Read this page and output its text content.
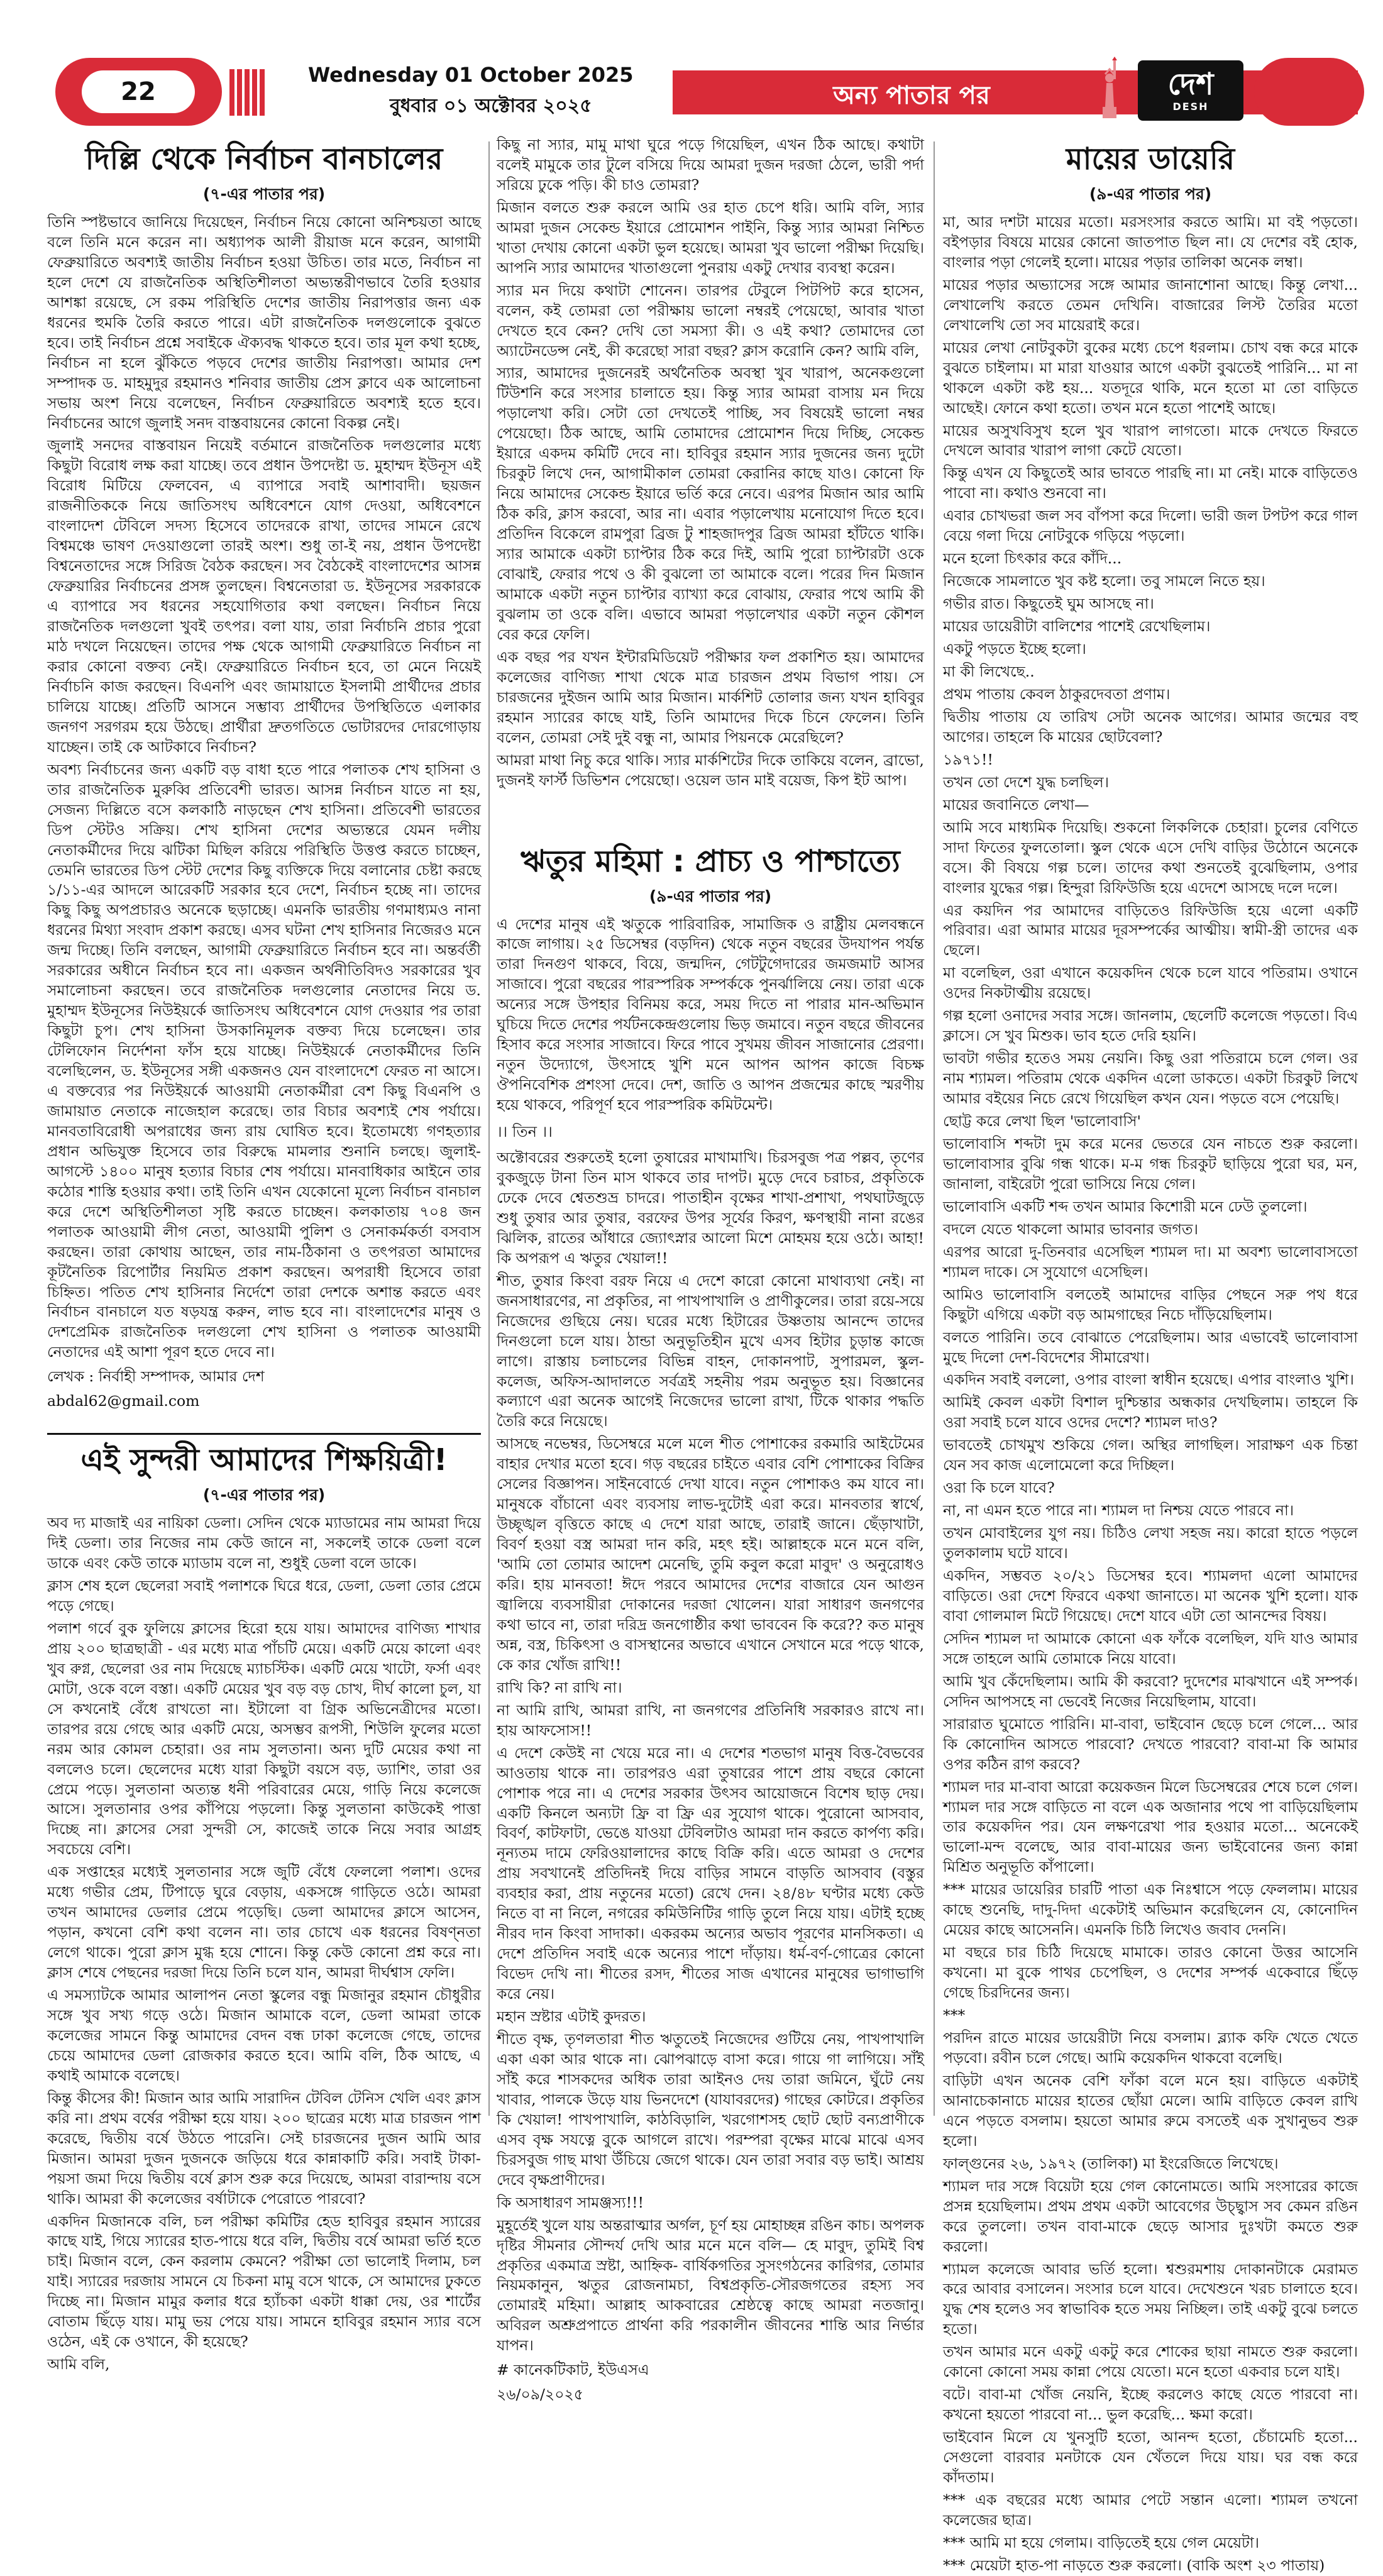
22
Wednesday 01 October 2025
বুধবার ০১ অক্টোবর ২০২৫	অন্য পাতার পর	দেশ
DESH
দিল্লি থেকে নির্বাচন বানচালের
(৭-এর পাতার পর)

তিনি স্পষ্টভাবে জানিয়ে দিয়েছেন, নির্বাচন নিয়ে কোনো অনিশ্চয়তা আছে বলে তিনি মনে করেন না। অধ্যাপক আলী রীয়াজ মনে করেন, আগামী ফেব্রুয়ারিতে অবশ্যই জাতীয় নির্বাচন হওয়া উচিত। তার মতে, নির্বাচন না হলে দেশে যে রাজনৈতিক অস্থিতিশীলতা অভ্যন্তরীণভাবে তৈরি হওয়ার আশঙ্কা রয়েছে, সে রকম পরিস্থিতি দেশের জাতীয় নিরাপত্তার জন্য এক ধরনের হুমকি তৈরি করতে পারে। এটা রাজনৈতিক দলগুলোকে বুঝতে হবে। তাই নির্বাচন প্রশ্নে সবাইকে ঐক্যবদ্ধ থাকতে হবে। তার মূল কথা হচ্ছে, নির্বাচন না হলে ঝুঁকিতে পড়বে দেশের জাতীয় নিরাপত্তা। আমার দেশ সম্পাদক ড. মাহমুদুর রহমানও শনিবার জাতীয় প্রেস ক্লাবে এক আলোচনা সভায় অংশ নিয়ে বলেছেন, নির্বাচন ফেব্রুয়ারিতে অবশ্যই হতে হবে। নির্বাচনের আগে জুলাই সনদ বাস্তবায়নের কোনো বিকল্প নেই।

জুলাই সনদের বাস্তবায়ন নিয়েই বর্তমানে রাজনৈতিক দলগুলোর মধ্যে কিছুটা বিরোধ লক্ষ করা যাচ্ছে। তবে প্রধান উপদেষ্টা ড. মুহাম্মদ ইউনূস এই বিরোধ মিটিয়ে ফেলবেন, এ ব্যাপারে সবাই আশাবাদী। ছয়জন রাজনীতিককে নিয়ে জাতিসংঘ অধিবেশনে যোগ দেওয়া, অধিবেশনে বাংলাদেশ টেবিলে সদস্য হিসেবে তাদেরকে রাখা, তাদের সামনে রেখে বিশ্বমঞ্চে ভাষণ দেওয়াগুলো তারই অংশ। শুধু তা-ই নয়, প্রধান উপদেষ্টা বিশ্বনেতাদের সঙ্গে সিরিজ বৈঠক করছেন। সব বৈঠকেই বাংলাদেশের আসন্ন ফেব্রুয়ারির নির্বাচনের প্রসঙ্গ তুলছেন। বিশ্বনেতারা ড. ইউনূসের সরকারকে এ ব্যাপারে সব ধরনের সহযোগিতার কথা বলছেন। নির্বাচন নিয়ে রাজনৈতিক দলগুলো খুবই তৎপর। বলা যায়, তারা নির্বাচনি প্রচার পুরো মাঠ দখলে নিয়েছেন। তাদের পক্ষ থেকে আগামী ফেব্রুয়ারিতে নির্বাচন না করার কোনো বক্তব্য নেই। ফেব্রুয়ারিতে নির্বাচন হবে, তা মেনে নিয়েই নির্বাচনি কাজ করছেন। বিএনপি এবং জামায়াতে ইসলামী প্রার্থীদের প্রচার চালিয়ে যাচ্ছে। প্রতিটি আসনে সম্ভাব্য প্রার্থীদের উপস্থিতিতে এলাকার জনগণ সরগরম হয়ে উঠছে। প্রার্থীরা দ্রুতগতিতে ভোটারদের দোরগোড়ায় যাচ্ছেন। তাই কে আটকাবে নির্বাচন?

অবশ্য নির্বাচনের জন্য একটি বড় বাধা হতে পারে পলাতক শেখ হাসিনা ও তার রাজনৈতিক মুরুব্বি প্রতিবেশী ভারত। আসন্ন নির্বাচন যাতে না হয়, সেজন্য দিল্লিতে বসে কলকাঠি নাড়ছেন শেখ হাসিনা। প্রতিবেশী ভারতের ডিপ স্টেটও সক্রিয়। শেখ হাসিনা দেশের অভ্যন্তরে যেমন দলীয় নেতাকর্মীদের দিয়ে ঝটিকা মিছিল করিয়ে পরিস্থিতি উত্তপ্ত করতে চাচ্ছেন, তেমনি ভারতের ডিপ স্টেট দেশের কিছু ব্যক্তিকে দিয়ে বলানোর চেষ্টা করছে ১/১১-এর আদলে আরেকটি সরকার হবে দেশে, নির্বাচন হচ্ছে না। তাদের কিছু কিছু অপপ্রচারও অনেকে ছড়াচ্ছে। এমনকি ভারতীয় গণমাধ্যমও নানা ধরনের মিথ্যা সংবাদ প্রকাশ করছে। এসব ঘটনা শেখ হাসিনার নিজেরও মনে জন্ম দিচ্ছে। তিনি বলছেন, আগামী ফেব্রুয়ারিতে নির্বাচন হবে না। অন্তর্বর্তী সরকারের অধীনে নির্বাচন হবে না। একজন অর্থনীতিবিদও সরকারের খুব সমালোচনা করছেন। তবে রাজনৈতিক দলগুলোর নেতাদের নিয়ে ড. মুহাম্মদ ইউনূসের নিউইয়র্কে জাতিসংঘ অধিবেশনে যোগ দেওয়ার পর তারা কিছুটা চুপ। শেখ হাসিনা উসকানিমূলক বক্তব্য দিয়ে চলেছেন। তার টেলিফোন নির্দেশনা ফাঁস হয়ে যাচ্ছে। নিউইয়র্কে নেতাকর্মীদের তিনি বলেছিলেন, ড. ইউনূসের সঙ্গী একজনও যেন বাংলাদেশে ফেরত না আসে। এ বক্তব্যের পর নিউইয়র্কে আওয়ামী নেতাকর্মীরা বেশ কিছু বিএনপি ও জামায়াত নেতাকে নাজেহাল করেছে। তার বিচার অবশ্যই শেষ পর্যায়ে। মানবতাবিরোধী অপরাধের জন্য রায় ঘোষিত হবে। ইতোমধ্যে গণহত্যার প্রধান অভিযুক্ত হিসেবে তার বিরুদ্ধে মামলার শুনানি চলছে। জুলাই-আগস্টে ১৪০০ মানুষ হত্যার বিচার শেষ পর্যায়ে। মানবাধিকার আইনে তার কঠোর শাস্তি হওয়ার কথা। তাই তিনি এখন যেকোনো মূল্যে নির্বাচন বানচাল করে দেশে অস্থিতিশীলতা সৃষ্টি করতে চাচ্ছেন। কলকাতায় ৭০৪ জন পলাতক আওয়ামী লীগ নেতা, আওয়ামী পুলিশ ও সেনাকর্মকর্তা বসবাস করছেন। তারা কোথায় আছেন, তার নাম-ঠিকানা ও তৎপরতা আমাদের কূটনৈতিক রিপোর্টার নিয়মিত প্রকাশ করছেন। অপরাধী হিসেবে তারা চিহ্নিত। পতিত শেখ হাসিনার নির্দেশে তারা দেশকে অশান্ত করতে এবং নির্বাচন বানচালে যত ষড়যন্ত্র করুন, লাভ হবে না। বাংলাদেশের মানুষ ও দেশপ্রেমিক রাজনৈতিক দলগুলো শেখ হাসিনা ও পলাতক আওয়ামী নেতাদের এই আশা পূরণ হতে দেবে না।

লেখক : নির্বাহী সম্পাদক, আমার দেশ
abdal62@gmail.com
এই সুন্দরী আমাদের শিক্ষয়িত্রী!
(৭-এর পাতার পর)

অব দ্য মাজাই এর নায়িকা ডেলা। সেদিন থেকে ম্যাডামের নাম আমরা দিয়ে দিই ডেলা। তার নিজের নাম কেউ জানে না, সকলেই তাকে ডেলা বলে ডাকে এবং কেউ তাকে ম্যাডাম বলে না, শুধুই ডেলা বলে ডাকে।

ক্লাস শেষ হলে ছেলেরা সবাই পলাশকে ঘিরে ধরে, ডেলা, ডেলা তোর প্রেমে পড়ে গেছে।

পলাশ গর্বে বুক ফুলিয়ে ক্লাসের হিরো হয়ে যায়। আমাদের বাণিজ্য শাখার প্রায় ২০০ ছাত্রছাত্রী - এর মধ্যে মাত্র পাঁচটি মেয়ে। একটি মেয়ে কালো এবং খুব রুগ্ন, ছেলেরা ওর নাম দিয়েছে ম্যাচস্টিক। একটি মেয়ে খাটো, ফর্সা এবং মোটা, ওকে বলে বস্তা। একটি মেয়ের খুব বড় বড় চোখ, দীর্ঘ কালো চুল, যা সে কখনোই বেঁধে রাখতো না। ইটালো বা গ্রিক অভিনেত্রীদের মতো। তারপর রয়ে গেছে আর একটি মেয়ে, অসম্ভব রূপসী, শিউলি ফুলের মতো নরম আর কোমল চেহারা। ওর নাম সুলতানা। অন্য দুটি মেয়ের কথা না বললেও চলে। ছেলেদের মধ্যে যারা কিছুটা বয়সে বড়, ড্যাশিং, তারা ওর প্রেমে পড়ে। সুলতানা অত্যন্ত ধনী পরিবারের মেয়ে, গাড়ি নিয়ে কলেজে আসে। সুলতানার ওপর কাঁপিয়ে পড়লো। কিন্তু সুলতানা কাউকেই পাত্তা দিচ্ছে না। ক্লাসের সেরা সুন্দরী সে, কাজেই তাকে নিয়ে সবার আগ্রহ সবচেয়ে বেশি।

এক সপ্তাহের মধ্যেই সুলতানার সঙ্গে জুটি বেঁধে ফেললো পলাশ। ওদের মধ্যে গভীর প্রেম, টিপাড়ে ঘুরে বেড়ায়, একসঙ্গে গাড়িতে ওঠে। আমরা তখন আমাদের ডেলার প্রেমে পড়েছি। ডেলা আমাদের ক্লাসে আসেন, পড়ান, কখনো বেশি কথা বলেন না। তার চোখে এক ধরনের বিষণ্নতা লেগে থাকে। পুরো ক্লাস মুগ্ধ হয়ে শোনে। কিন্তু কেউ কোনো প্রশ্ন করে না। ক্লাস শেষে পেছনের দরজা দিয়ে তিনি চলে যান, আমরা দীর্ঘশ্বাস ফেলি।

এ সমস্যাটকে আমার আলাপন নেতা স্কুলের বন্ধু মিজানুর রহমান চৌধুরীর সঙ্গে খুব সখ্য গড়ে ওঠে। মিজান আমাকে বলে, ডেলা আমরা তাকে কলেজের সামনে কিন্তু আমাদের বেদন বন্ধ ঢাকা কলেজে গেছে, তাদের চেয়ে আমাদের ডেলা রোজকার করতে হবে। আমি বলি, ঠিক আছে, এ কথাই আমাকে বলেছে।

কিন্তু কীসের কী! মিজান আর আমি সারাদিন টেবিল টেনিস খেলি এবং ক্লাস করি না। প্রথম বর্ষের পরীক্ষা হয়ে যায়। ২০০ ছাত্রের মধ্যে মাত্র চারজন পাশ করেছে, দ্বিতীয় বর্ষে উঠতে পারেনি। সেই চারজনের দুজন আমি আর মিজান। আমরা দুজন দুজনকে জড়িয়ে ধরে কান্নাকাটি করি। সবাই টাকা-পয়সা জমা দিয়ে দ্বিতীয় বর্ষে ক্লাস শুরু করে দিয়েছে, আমরা বারান্দায় বসে থাকি। আমরা কী কলেজের বর্ষাটাকে পেরোতে পারবো?

একদিন মিজানকে বলি, চল পরীক্ষা কমিটির হেড হাবিবুর রহমান স্যারের কাছে যাই, গিয়ে স্যারের হাত-পায়ে ধরে বলি, দ্বিতীয় বর্ষে আমরা ভর্তি হতে চাই। মিজান বলে, কেন করলাম কেমনে? পরীক্ষা তো ভালোই দিলাম, চল যাই। স্যারের দরজায় সামনে যে চিকনা মামু বসে থাকে, সে আমাদের ঢুকতে দিচ্ছে না। মিজান মামুর কলার ধরে হ্যাঁচকা একটা ধাক্কা দেয়, ওর শার্টের বোতাম ছিঁড়ে যায়। মামু ভয় পেয়ে যায়। সামনে হাবিবুর রহমান স্যার বসে ওঠেন, এই কে ওখানে, কী হয়েছে?

আমি বলি,

কিছু না স্যার, মামু মাথা ঘুরে পড়ে গিয়েছিল, এখন ঠিক আছে। কথাটা বলেই মামুকে তার টুলে বসিয়ে দিয়ে আমরা দুজন দরজা ঠেলে, ভারী পর্দা সরিয়ে ঢুকে পড়ি। কী চাও তোমরা?

মিজান বলতে শুরু করলে আমি ওর হাত চেপে ধরি। আমি বলি, স্যার আমরা দুজন সেকেন্ড ইয়ারে প্রোমোশন পাইনি, কিন্তু স্যার আমরা নিশ্চিত খাতা দেখায় কোনো একটা ভুল হয়েছে। আমরা খুব ভালো পরীক্ষা দিয়েছি। আপনি স্যার আমাদের খাতাগুলো পুনরায় একটু দেখার ব্যবস্থা করেন।

স্যার মন দিয়ে কথাটা শোনেন। তারপর টেবুলে পিটপিট করে হাসেন, বলেন, কই তোমরা তো পরীক্ষায় ভালো নম্বরই পেয়েছো, আবার খাতা দেখতে হবে কেন? দেখি তো সমস্যা কী। ও এই কথা? তোমাদের তো অ্যাটেনডেন্স নেই, কী করেছো সারা বছর? ক্লাস করোনি কেন? আমি বলি,

স্যার, আমাদের দুজনেরই অর্থনৈতিক অবস্থা খুব খারাপ, অনেকগুলো টিউশনি করে সংসার চালাতে হয়। কিন্তু স্যার আমরা বাসায় মন দিয়ে পড়ালেখা করি। সেটা তো দেখতেই পাচ্ছি, সব বিষয়েই ভালো নম্বর পেয়েছো। ঠিক আছে, আমি তোমাদের প্রোমোশন দিয়ে দিচ্ছি, সেকেন্ড ইয়ারে একদম কমিটি দেবে না। হাবিবুর রহমান স্যার দুজনের জন্য দুটো চিরকুট লিখে দেন, আগামীকাল তোমরা কেরানির কাছে যাও। কোনো ফি নিয়ে আমাদের সেকেন্ড ইয়ারে ভর্তি করে নেবে। এরপর মিজান আর আমি ঠিক করি, ক্লাস করবো, আর না। এবার পড়ালেখায় মনোযোগ দিতে হবে। প্রতিদিন বিকেলে রামপুরা ব্রিজ টু শাহজাদপুর ব্রিজ আমরা হাঁটতে থাকি। স্যার আমাকে একটা চ্যাপ্টার ঠিক করে দিই, আমি পুরো চ্যাপ্টারটা ওকে বোঝাই, ফেরার পথে ও কী বুঝলো তা আমাকে বলে। পরের দিন মিজান আমাকে একটা নতুন চ্যাপ্টার ব্যাখ্যা করে বোঝায়, ফেরার পথে আমি কী বুঝলাম তা ওকে বলি। এভাবে আমরা পড়ালেখার একটা নতুন কৌশল বের করে ফেলি।

এক বছর পর যখন ইন্টারমিডিয়েট পরীক্ষার ফল প্রকাশিত হয়। আমাদের কলেজের বাণিজ্য শাখা থেকে মাত্র চারজন প্রথম বিভাগ পায়। সে চারজনের দুইজন আমি আর মিজান। মার্কশিট তোলার জন্য যখন হাবিবুর রহমান স্যারের কাছে যাই, তিনি আমাদের দিকে চিনে ফেলেন। তিনি বলেন, তোমরা সেই দুই বন্ধু না, আমার পিয়নকে মেরেছিলে?

আমরা মাথা নিচু করে থাকি। স্যার মার্কশিটের দিকে তাকিয়ে বলেন, ব্রাভো, দুজনই ফার্স্ট ডিভিশন পেয়েছো। ওয়েল ডান মাই বয়েজ, কিপ ইট আপ।

ঋতুর মহিমা : প্রাচ্য ও পাশ্চাত্যে
(৯-এর পাতার পর)

এ দেশের মানুষ এই ঋতুকে পারিবারিক, সামাজিক ও রাষ্ট্রীয় মেলবন্ধনে কাজে লাগায়। ২৫ ডিসেম্বর (বড়দিন) থেকে নতুন বছরের উদযাপন পর্যন্ত তারা দিনগুণ থাকবে, বিয়ে, জন্মদিন, গেটটুগেদারের জমজমাট আসর সাজাবে। পুরো বছরের পারস্পরিক সম্পর্ককে পুনর্ঝালিয়ে নেয়। তারা একে অন্যের সঙ্গে উপহার বিনিময় করে, সময় দিতে না পারার মান-অভিমান ঘুচিয়ে দিতে দেশের পর্যটনকেন্দ্রগুলোয় ভিড় জমাবে। নতুন বছরে জীবনের হিসাব করে সংসার সাজাবে। ফিরে পাবে সুখময় জীবন সাজানোর প্রেরণা। নতুন উদ্যোগে, উৎসাহে খুশি মনে আপন আপন কাজে বিচক্ষ ঔপনিবেশিক প্রশংসা দেবে। দেশ, জাতি ও আপন প্রজন্মের কাছে স্মরণীয় হয়ে থাকবে, পরিপূর্ণ হবে পারস্পরিক কমিটমেন্ট।

।। তিন ।।

অক্টোবরের শুরুতেই হলো তুষারের মাখামাখি। চিরসবুজ পত্র পল্লব, তৃণের বুকজুড়ে টানা তিন মাস থাকবে তার দাপট। মুড়ে দেবে চরাচর, প্রকৃতিকে ঢেকে দেবে শ্বেতশুভ্র চাদরে। পাতাহীন বৃক্ষের শাখা-প্রশাখা, পথঘাটজুড়ে শুধু তুষার আর তুষার, বরফের উপর সূর্যের কিরণ, ক্ষণস্থায়ী নানা রঙের ঝিলিক, রাতের আঁধারে জ্যোৎস্নার আলো মিশে মোহময় হয়ে ওঠে। আহা! কি অপরূপ এ ঋতুর খেয়াল!!

শীত, তুষার কিংবা বরফ নিয়ে এ দেশে কারো কোনো মাথাব্যথা নেই। না জনসাধারণের, না প্রকৃতির, না পাখপাখালি ও প্রাণীকুলের। তারা রয়ে-সয়ে নিজেদের গুছিয়ে নেয়। ঘরের মধ্যে হিটারের উষ্ণতায় আনন্দে তাদের দিনগুলো চলে যায়। ঠান্ডা অনুভূতিহীন মুখে এসব হিটার চুড়ান্ত কাজে লাগে। রাস্তায় চলাচলের বিভিন্ন বাহন, দোকানপাট, সুপারমল, স্কুল-কলেজ, অফিস-আদালতে সর্বত্রই সহনীয় পরম অনুভূত হয়। বিজ্ঞানের কল্যাণে এরা অনেক আগেই নিজেদের ভালো রাখা, টিকে থাকার পদ্ধতি তৈরি করে নিয়েছে।

আসছে নভেম্বর, ডিসেম্বরে মলে মলে শীত পোশাকের রকমারি আইটেমের বাহার দেখার মতো হবে। গড় বছরের চাইতে এবার বেশি পোশাকের বিক্রির সেলের বিজ্ঞাপন। সাইনবোর্ডে দেখা যাবে। নতুন পোশাকও কম যাবে না। মানুষকে বাঁচানো এবং ব্যবসায় লাভ-দুটোই এরা করে। মানবতার স্বার্থে, উচ্ছৃঙ্খল বৃত্তিতে কাছে এ দেশে যারা আছে, তারাই জানে। ছেঁড়াখাটা, বিবর্ণ হওয়া বস্ত্র আমরা দান করি, মহৎ হই। আল্লাহকে মনে মনে বলি, 'আমি তো তোমার আদেশ মেনেছি, তুমি কবুল করো মাবুদ' ও অনুরোধও করি। হায় মানবতা! ঈদে পরবে আমাদের দেশের বাজারে যেন আগুন জ্বালিয়ে ব্যবসায়ীরা দোকানের দরজা খোলেন। যারা সাধারণ জনগণের কথা ভাবে না, তারা দরিদ্র জনগোষ্ঠীর কথা ভাববেন কি করে?? কত মানুষ অন্ন, বস্ত্র, চিকিৎসা ও বাসস্থানের অভাবে এখানে সেখানে মরে পড়ে থাকে, কে কার খোঁজ রাখি!!

রাখি কি? না রাখি না।

না আমি রাখি, আমরা রাখি, না জনগণের প্রতিনিধি সরকারও রাখে না। হায় আফসোস!!

এ দেশে কেউই না খেয়ে মরে না। এ দেশের শতভাগ মানুষ বিত্ত-বৈভবের আওতায় থাকে না। তারপরও এরা তুষারের পাশে প্রায় বছরে কোনো পোশাক পরে না। এ দেশের সরকার উৎসব আয়োজনে বিশেষ ছাড় দেয়। একটি কিনলে অন্যটা ফ্রি বা ফ্রি এর সুযোগ থাকে। পুরোনো আসবাব, বিবর্ণ, কাটফাটা, ভেঙে যাওয়া টেবিলটাও আমরা দান করতে কার্পণ্য করি। নূন্যতম দামে ফেরিওয়ালাদের কাছে বিক্রি করি। এতে আমরা ও দেশের প্রায় সবখানেই প্রতিদিনই দিয়ে বাড়ির সামনে বাড়তি আসবাব (বস্তুর ব্যবহার করা, প্রায় নতুনের মতো) রেখে দেন। ২৪/৪৮ ঘণ্টার মধ্যে কেউ নিতে বা না নিলে, নগরের কমিউনিটির গাড়ি তুলে নিয়ে যায়। এটাই হচ্ছে নীরব দান কিংবা সাদাকা। একরকম অন্যের অভাব পূরণের মানসিকতা। এ দেশে প্রতিদিন সবাই একে অন্যের পাশে দাঁড়ায়। ধর্ম-বর্ণ-গোত্রের কোনো বিভেদ দেখি না। শীতের রসদ, শীতের সাজ এখানের মানুষের ভাগাভাগি করে নেয়।

মহান স্রষ্টার এটাই কুদরত।

শীতে বৃক্ষ, তৃণলতারা শীত ঋতুতেই নিজেদের গুটিয়ে নেয়, পাখপাখালি একা একা আর থাকে না। ঝোপঝাড়ে বাসা করে। গায়ে গা লাগিয়ে। সাঁই সাঁই করে শাসকদের অধিক তারা আইনও দেয় তারা জমিনে, ঘুঁটে নেয় খাবার, পালকে উড়ে যায় ভিনদেশে (যাযাবরদের) গাছের কোটরে। প্রকৃতির কি খেয়াল! পাখপাখালি, কাঠবিড়ালি, খরগোশসহ ছোট ছোট বন্যপ্রাণীকে এসব বৃক্ষ সযত্নে বুকে আগলে রাখে। পরম্পরা বৃক্ষের মাঝে মাঝে এসব চিরসবুজ গাছ মাথা উঁচিয়ে জেগে থাকে। যেন তারা সবার বড় ভাই। আশ্রয় দেবে বৃক্ষপ্রাণীদের।

কি অসাধারণ সামঞ্জস্য!!!

মুহূর্তেই খুলে যায় অন্তরাত্মার অর্গল, চূর্ণ হয় মোহাচ্ছন্ন রঙিন কাচ। অপলক দৃষ্টির সীমনার সৌন্দর্য দেখি আর মনে মনে বলি— হে মাবুদ, তুমিই বিশ্ব প্রকৃতির একমাত্র স্রষ্টা, আহ্নিক- বার্ষিকগতির সুসংগঠনের কারিগর, তোমার নিয়মকানুন, ঋতুর রোজনামচা, বিশ্বপ্রকৃতি-সৌরজগতের রহস্য সব তোমারই মহিমা। আল্লাহ আকবারের শ্রেষ্ঠত্বে কাছে আমরা নতজানু। অবিরল অশ্রুপ্রপাতে প্রার্থনা করি পরকালীন জীবনের শান্তি আর নির্ভার যাপন।

# কানেকটিকাট, ইউএসএ
২৬/০৯/২০২৫
মায়ের ডায়েরি
(৯-এর পাতার পর)

মা, আর দশটা মায়ের মতো। মরসংসার করতে আমি। মা বই পড়তো। বইপড়ার বিষয়ে মায়ের কোনো জাতপাত ছিল না। যে দেশের বই হোক, বাংলার পড়া গেলেই হলো। মায়ের পড়ার তালিকা অনেক লম্বা।

মায়ের পড়ার অভ্যাসের সঙ্গে আমার জানাশোনা আছে। কিন্তু লেখা... লেখালেখি করতে তেমন দেখিনি। বাজারের লিস্ট তৈরির মতো লেখালেখি তো সব মায়েরাই করে।

মায়ের লেখা নোটবুকটা বুকের মধ্যে চেপে ধরলাম। চোখ বন্ধ করে মাকে বুঝতে চাইলাম। মা মারা যাওয়ার আগে একটা বুঝতেই পারিনি... মা না থাকলে একটা কষ্ট হয়... যতদূরে থাকি, মনে হতো মা তো বাড়িতে আছেই। ফোনে কথা হতো। তখন মনে হতো পাশেই আছে।

মায়ের অসুখবিসুখ হলে খুব খারাপ লাগতো। মাকে দেখতে ফিরতে দেখলে আবার খারাপ লাগা কেটে যেতো।

কিন্তু এখন যে কিছুতেই আর ভাবতে পারছি না। মা নেই। মাকে বাড়িতেও পাবো না। কথাও শুনবো না।

এবার চোখভরা জল সব বাঁপসা করে দিলো। ভারী জল টপটপ করে গাল বেয়ে গলা দিয়ে নোটবুকে গড়িয়ে পড়লো।

মনে হলো চিৎকার করে কাঁদি...

নিজেকে সামলাতে খুব কষ্ট হলো। তবু সামলে নিতে হয়।

গভীর রাত। কিছুতেই ঘুম আসছে না।

মায়ের ডায়েরীটা বালিশের পাশেই রেখেছিলাম।

একটু পড়তে ইচ্ছে হলো।

মা কী লিখেছে..

প্রথম পাতায় কেবল ঠাকুরদেবতা প্রণাম।

দ্বিতীয় পাতায় যে তারিখ সেটা অনেক আগের। আমার জন্মের বহু আগের। তাহলে কি মায়ের ছোটবেলা?

১৯৭১!!

তখন তো দেশে যুদ্ধ চলছিল।

মায়ের জবানিতে লেখা—

আমি সবে মাধ্যমিক দিয়েছি। শুকনো লিকলিকে চেহারা। চুলের বেণিতে সাদা ফিতের ফুলতোলা। স্কুল থেকে এসে দেখি বাড়ির উঠোনে অনেকে বসে। কী বিষয়ে গল্প চলে। তাদের কথা শুনতেই বুঝেছিলাম, ওপার বাংলার যুদ্ধের গল্প। হিন্দুরা রিফিউজি হয়ে এদেশে আসছে দলে দলে।

এর কয়দিন পর আমাদের বাড়িতেও রিফিউজি হয়ে এলো একটি পরিবার। এরা আমার মায়ের দূরসম্পর্কের আত্মীয়। স্বামী-স্ত্রী তাদের এক ছেলে।

মা বলেছিল, ওরা এখানে কয়েকদিন থেকে চলে যাবে পতিরাম। ওখানে ওদের নিকটাত্মীয় রয়েছে।

গল্প হলো ওনাদের সবার সঙ্গে। জানলাম, ছেলেটি কলেজে পড়তো। বিএ ক্লাসে। সে খুব মিশুক। ভাব হতে দেরি হয়নি।

ভাবটা গভীর হতেও সময় নেয়নি। কিছু ওরা পতিরামে চলে গেল। ওর নাম শ্যামল। পতিরাম থেকে একদিন এলো ডাকতে। একটা চিরকুট লিখে আমার বইয়ের নিচে রেখে গিয়েছিল কখন যেন। পড়তে বসে পেয়েছি।

ছোট্ট করে লেখা ছিল 'ভালোবাসি'

ভালোবাসি শব্দটা দুম করে মনের ভেতরে যেন নাচতে শুরু করলো। ভালোবাসার বুঝি গন্ধ থাকে। ম-ম গন্ধ চিরকুট ছাড়িয়ে পুরো ঘর, মন, জানালা, বাইরেটা পুরো ভাসিয়ে নিয়ে গেল।

ভালোবাসি একটি শব্দ তখন আমার কিশোরী মনে ঢেউ তুললো।

বদলে যেতে থাকলো আমার ভাবনার জগত।

এরপর আরো দু-তিনবার এসেছিল শ্যামল দা। মা অবশ্য ভালোবাসতো শ্যামল দাকে। সে সুযোগে এসেছিল।

আমিও ভালোবাসি বলতেই আমাদের বাড়ির পেছনে সরু পথ ধরে কিছুটা এগিয়ে একটা বড় আমগাছের নিচে দাঁড়িয়েছিলাম।

বলতে পারিনি। তবে বোঝাতে পেরেছিলাম। আর এভাবেই ভালোবাসা মুছে দিলো দেশ-বিদেশের সীমারেখা।

একদিন সবাই বললো, ওপার বাংলা স্বাধীন হয়েছে। এপার বাংলাও খুশি।

আমিই কেবল একটা বিশাল দুশ্চিন্তার অন্ধকার দেখছিলাম। তাহলে কি ওরা সবাই চলে যাবে ওদের দেশে? শ্যামল দাও?

ভাবতেই চোখমুখ শুকিয়ে গেল। অস্থির লাগছিল। সারাক্ষণ এক চিন্তা যেন সব কাজ এলোমেলো করে দিচ্ছিল।

ওরা কি চলে যাবে?

না, না এমন হতে পারে না। শ্যামল দা নিশ্চয় যেতে পারবে না।

তখন মোবাইলের যুগ নয়। চিঠিও লেখা সহজ নয়। কারো হাতে পড়লে তুলকালাম ঘটে যাবে।

একদিন, সম্ভবত ২০/২১ ডিসেম্বর হবে। শ্যামলদা এলো আমাদের বাড়িতে। ওরা দেশে ফিরবে একথা জানাতে। মা অনেক খুশি হলো। যাক বাবা গোলমাল মিটে গিয়েছে। দেশে যাবে এটা তো আনন্দের বিষয়।

সেদিন শ্যামল দা আমাকে কোনো এক ফাঁকে বলেছিল, যদি যাও আমার সঙ্গে তাহলে আমি তোমাকে নিয়ে যাবো।

আমি খুব কেঁদেছিলাম। আমি কী করবো? দুদেশের মাঝখানে এই সম্পর্ক। সেদিন আপসহে না ভেবেই নিজের নিয়েছিলাম, যাবো।

সারারাত ঘুমোতে পারিনি। মা-বাবা, ভাইবোন ছেড়ে চলে গেলে... আর কি কোনোদিন আসতে পারবো? দেখতে পারবো? বাবা-মা কি আমার ওপর কঠিন রাগ করবে?

শ্যামল দার মা-বাবা আরো কয়েকজন মিলে ডিসেম্বরের শেষে চলে গেল। শ্যামল দার সঙ্গে বাড়িতে না বলে এক অজানার পথে পা বাড়িয়েছিলাম তার কয়েকদিন পর। যেন লক্ষণরেখা পার হওয়ার মতো... অনেকেই ভালো-মন্দ বলেছে, আর বাবা-মায়ের জন্য ভাইবোনের জন্য কান্না মিশ্রিত অনুভূতি কাঁপালো।

*** মায়ের ডায়েরির চারটি পাতা এক নিঃশ্বাসে পড়ে ফেললাম। মায়ের কাছে শুনেছি, দাদু-দিদা একেটাই অভিমান করেছিলেন যে, কোনোদিন মেয়ের কাছে আসেননি। এমনকি চিঠি লিখেও জবাব দেননি।

মা বছরে চার চিঠি দিয়েছে মামাকে। তারও কোনো উত্তর আসেনি কখনো। মা বুকে পাথর চেপেছিল, ও দেশের সম্পর্ক একেবারে ছিঁড়ে গেছে চিরদিনের জন্য।

***

পরদিন রাতে মায়ের ডায়েরীটা নিয়ে বসলাম। ব্ল্যাক কফি খেতে খেতে পড়বো। রবীন চলে গেছে। আমি কয়েকদিন থাকবো বলেছি।

বাড়িটা এখন অনেক বেশি ফাঁকা বলে মনে হয়। বাড়িতে একটাই আনাচেকানাচে মায়ের হাতের ছোঁয়া মেলে। আমি বাড়িতে কেবল রাখি এনে পড়তে বসলাম। হয়তো আমার রুমে বসতেই এক সুখানুভব শুরু হলো।

ফাল্গুনের ২৬, ১৯৭২ (তালিকা) মা ইংরেজিতে লিখেছে।

শ্যামল দার সঙ্গে বিয়েটা হয়ে গেল কোনোমতে। আমি সংসারের কাজে প্রসন্ন হয়েছিলাম। প্রথম প্রথম একটা আবেগের উচ্ছ্বাস সব কেমন রঙিন করে তুললো। তখন বাবা-মাকে ছেড়ে আসার দুঃখটা কমতে শুরু করলো।

শ্যামল কলেজে আবার ভর্তি হলো। শ্বশুরমশায় দোকানটাকে মেরামত করে আবার বসালেন। সংসার চলে যাবে। দেখেশুনে খরচ চালাতে হবে। যুদ্ধ শেষ হলেও সব স্বাভাবিক হতে সময় নিচ্ছিল। তাই একটু বুঝে চলতে হতো।

তখন আমার মনে একটু একটু করে শোকের ছায়া নামতে শুরু করলো। কোনো কোনো সময় কান্না পেয়ে যেতো। মনে হতো একবার চলে যাই।

বটে। বাবা-মা খোঁজ নেয়নি, ইচ্ছে করলেও কাছে যেতে পারবো না। কখনো হয়তো পারবো না... ভুল করেছি... ক্ষমা করো।

ভাইবোন মিলে যে খুনসুটি হতো, আনন্দ হতো, চেঁচামেচি হতো... সেগুলো বারবার মনটাকে যেন খেঁতলে দিয়ে যায়। ঘর বন্ধ করে কাঁদতাম।

*** এক বছরের মধ্যে আমার পেটে সন্তান এলো। শ্যামল তখনো কলেজের ছাত্র।

*** আমি মা হয়ে গেলাম। বাড়িতেই হয়ে গেল মেয়েটা।

*** মেয়েটা হাত-পা নাড়তে শুরু করলো। (বাকি অংশ ২৩ পাতায়)
